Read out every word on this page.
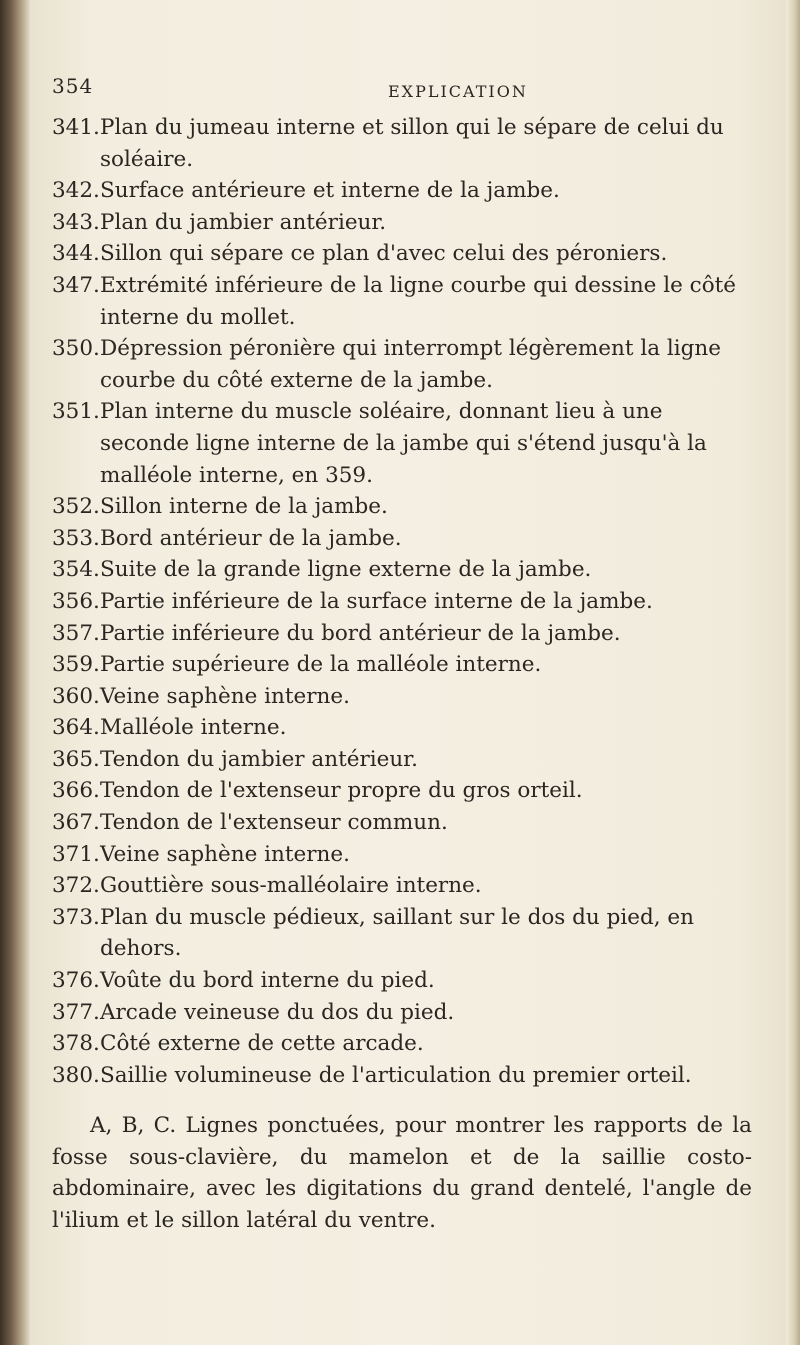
354	EXPLICATION
341. Plan du jumeau interne et sillon qui le sépare de celui du soléaire.
342. Surface antérieure et interne de la jambe.
343. Plan du jambier antérieur.
344. Sillon qui sépare ce plan d'avec celui des péroniers.
347. Extrémité inférieure de la ligne courbe qui dessine le côté interne du mollet.
350. Dépression péronière qui interrompt légèrement la ligne courbe du côté externe de la jambe.
351. Plan interne du muscle soléaire, donnant lieu à une seconde ligne interne de la jambe qui s'étend jusqu'à la malléole interne, en 359.
352. Sillon interne de la jambe.
353. Bord antérieur de la jambe.
354. Suite de la grande ligne externe de la jambe.
356. Partie inférieure de la surface interne de la jambe.
357. Partie inférieure du bord antérieur de la jambe.
359. Partie supérieure de la malléole interne.
360. Veine saphène interne.
364. Malléole interne.
365. Tendon du jambier antérieur.
366. Tendon de l'extenseur propre du gros orteil.
367. Tendon de l'extenseur commun.
371. Veine saphène interne.
372. Gouttière sous-malléolaire interne.
373. Plan du muscle pédieux, saillant sur le dos du pied, en dehors.
376. Voûte du bord interne du pied.
377. Arcade veineuse du dos du pied.
378. Côté externe de cette arcade.
380. Saillie volumineuse de l'articulation du premier orteil.

A, B, C. Lignes ponctuées, pour montrer les rapports de la fosse sous-clavière, du mamelon et de la saillie costo-abdominaire, avec les digitations du grand dentelé, l'angle de l'ilium et le sillon latéral du ventre.
